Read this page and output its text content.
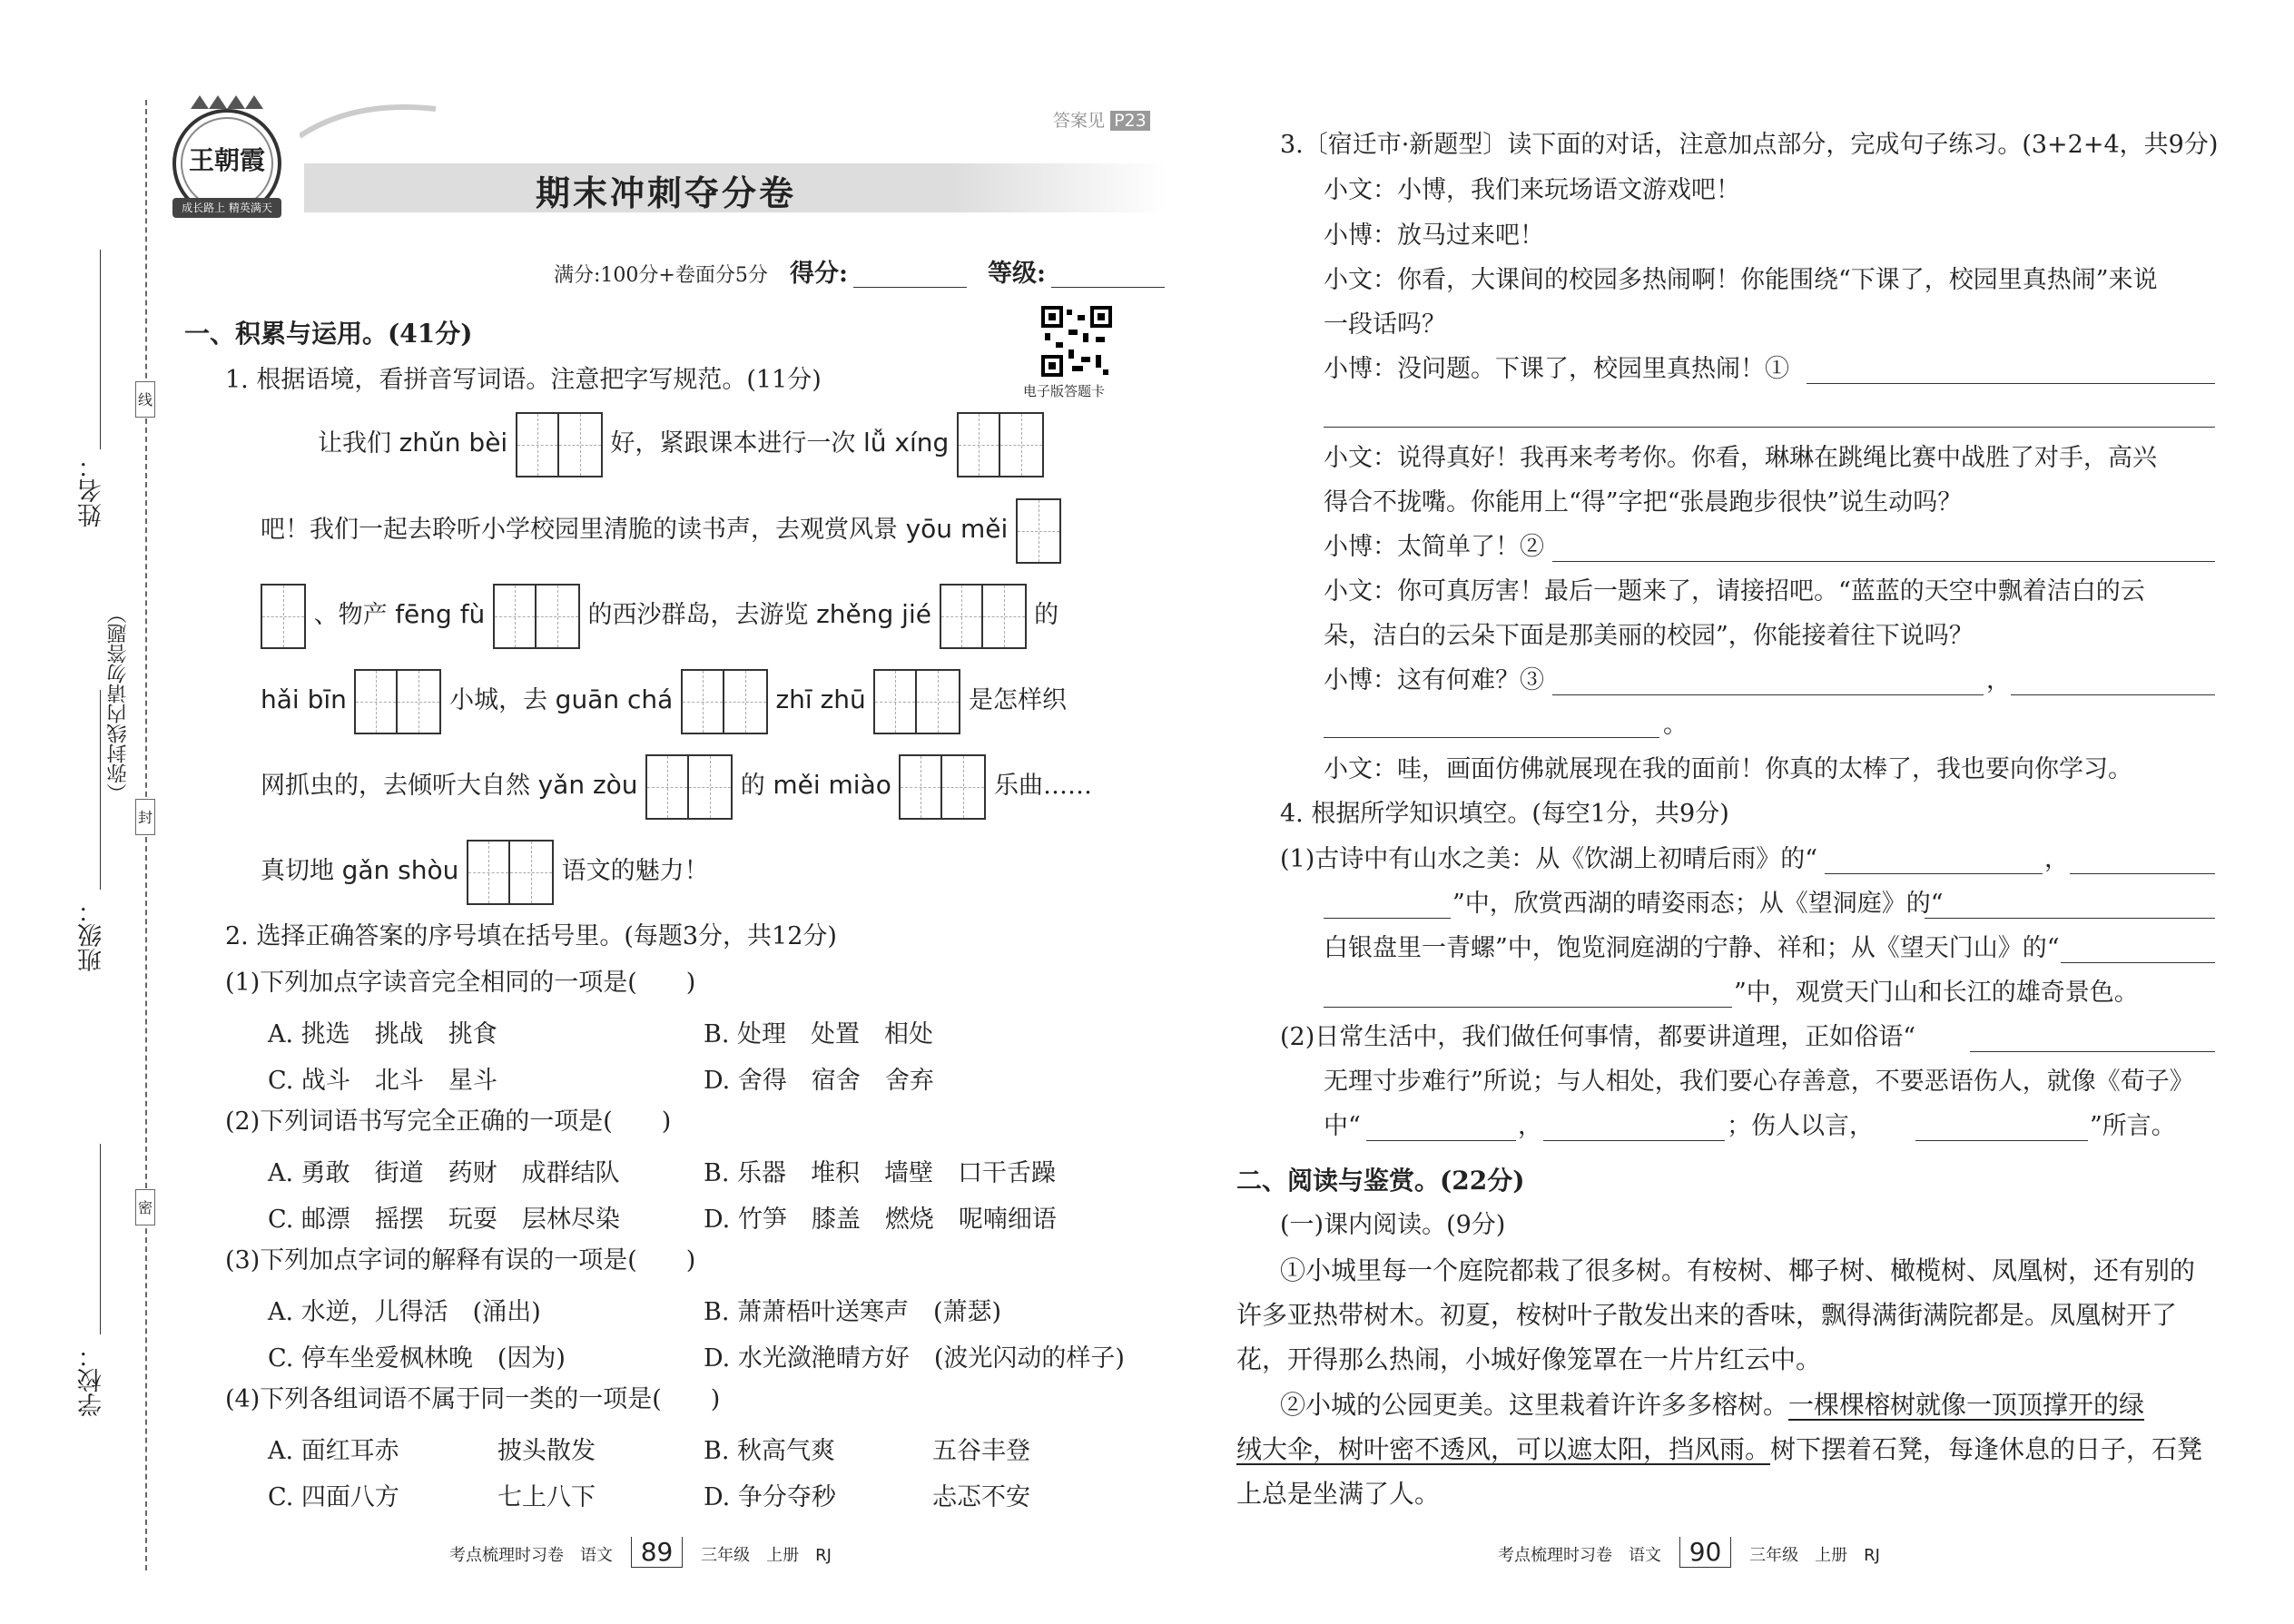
线
封
密
（弥封线内请勿答题）
姓名：
班级：
学校：
王朝霞
成长路上 精英满天
答案见 P23
期末冲刺夺分卷
满分:100分+卷面分5分 得分:	等级:
电子版答题卡
一、积累与运用。(41分)
1. 根据语境，看拼音写词语。注意把字写规范。(11分)
让我们 zhǔn bèi	好，紧跟课本进行一次 lǚ xíng
吧！我们一起去聆听小学校园里清脆的读书声，去观赏风景 yōu měi
、物产 fēng fù	的西沙群岛，去游览 zhěng jié	的
hǎi bīn	小城，去 guān chá	zhī zhū	是怎样织
网抓虫的，去倾听大自然 yǎn zòu	的 měi miào	乐曲……
真切地 gǎn shòu	语文的魅力！
2. 选择正确答案的序号填在括号里。(每题3分，共12分)
(1)下列加点字读音完全相同的一项是(　　)
A. 挑选　挑战　挑食	B. 处理　处置　相处
C. 战斗　北斗　星斗	D. 舍得　宿舍　舍弃
(2)下列词语书写完全正确的一项是(　　)
A. 勇敢　街道　药财　成群结队	B. 乐器　堆积　墙壁　口干舌躁
C. 邮漂　摇摆　玩耍　层林尽染	D. 竹笋　膝盖　燃烧　呢喃细语
(3)下列加点字词的解释有误的一项是(　　)
A. 水逆，儿得活　(涌出)	B. 萧萧梧叶送寒声　(萧瑟)
C. 停车坐爱枫林晚　(因为)	D. 水光潋滟晴方好　(波光闪动的样子)
(4)下列各组词语不属于同一类的一项是(　　)
A. 面红耳赤	披头散发	B. 秋高气爽	五谷丰登
C. 四面八方	七上八下	D. 争分夺秒	忐忑不安
考点梳理时习卷　语文 89 三年级　上册　RJ
3.〔宿迁市·新题型〕读下面的对话，注意加点部分，完成句子练习。(3+2+4，共9分)
小文：小博，我们来玩场语文游戏吧！
小博：放马过来吧！
小文：你看，大课间的校园多热闹啊！你能围绕“下课了，校园里真热闹”来说
一段话吗？
小博：没问题。下课了，校园里真热闹！①
小文：说得真好！我再来考考你。你看，琳琳在跳绳比赛中战胜了对手，高兴
得合不拢嘴。你能用上“得”字把“张晨跑步很快”说生动吗？
小博：太简单了！②
小文：你可真厉害！最后一题来了，请接招吧。“蓝蓝的天空中飘着洁白的云
朵，洁白的云朵下面是那美丽的校园”，你能接着往下说吗？
小博：这有何难？③	，
。
小文：哇，画面仿佛就展现在我的面前！你真的太棒了，我也要向你学习。
4. 根据所学知识填空。(每空1分，共9分)
(1)古诗中有山水之美：从《饮湖上初晴后雨》的“	，
”中，欣赏西湖的晴姿雨态；从《望洞庭》的“
白银盘里一青螺”中，饱览洞庭湖的宁静、祥和；从《望天门山》的“
”中，观赏天门山和长江的雄奇景色。
(2)日常生活中，我们做任何事情，都要讲道理，正如俗语“
无理寸步难行”所说；与人相处，我们要心存善意，不要恶语伤人，就像《荀子》
中“	，	；伤人以言，	”所言。
二、阅读与鉴赏。(22分)
(一)课内阅读。(9分)
①小城里每一个庭院都栽了很多树。有桉树、椰子树、橄榄树、凤凰树，还有别的
许多亚热带树木。初夏，桉树叶子散发出来的香味，飘得满街满院都是。凤凰树开了
花，开得那么热闹，小城好像笼罩在一片片红云中。
②小城的公园更美。这里栽着许许多多榕树。一棵棵榕树就像一顶顶撑开的绿
绒大伞，树叶密不透风，可以遮太阳，挡风雨。树下摆着石凳，每逢休息的日子，石凳
上总是坐满了人。
考点梳理时习卷　语文 90 三年级　上册　RJ
